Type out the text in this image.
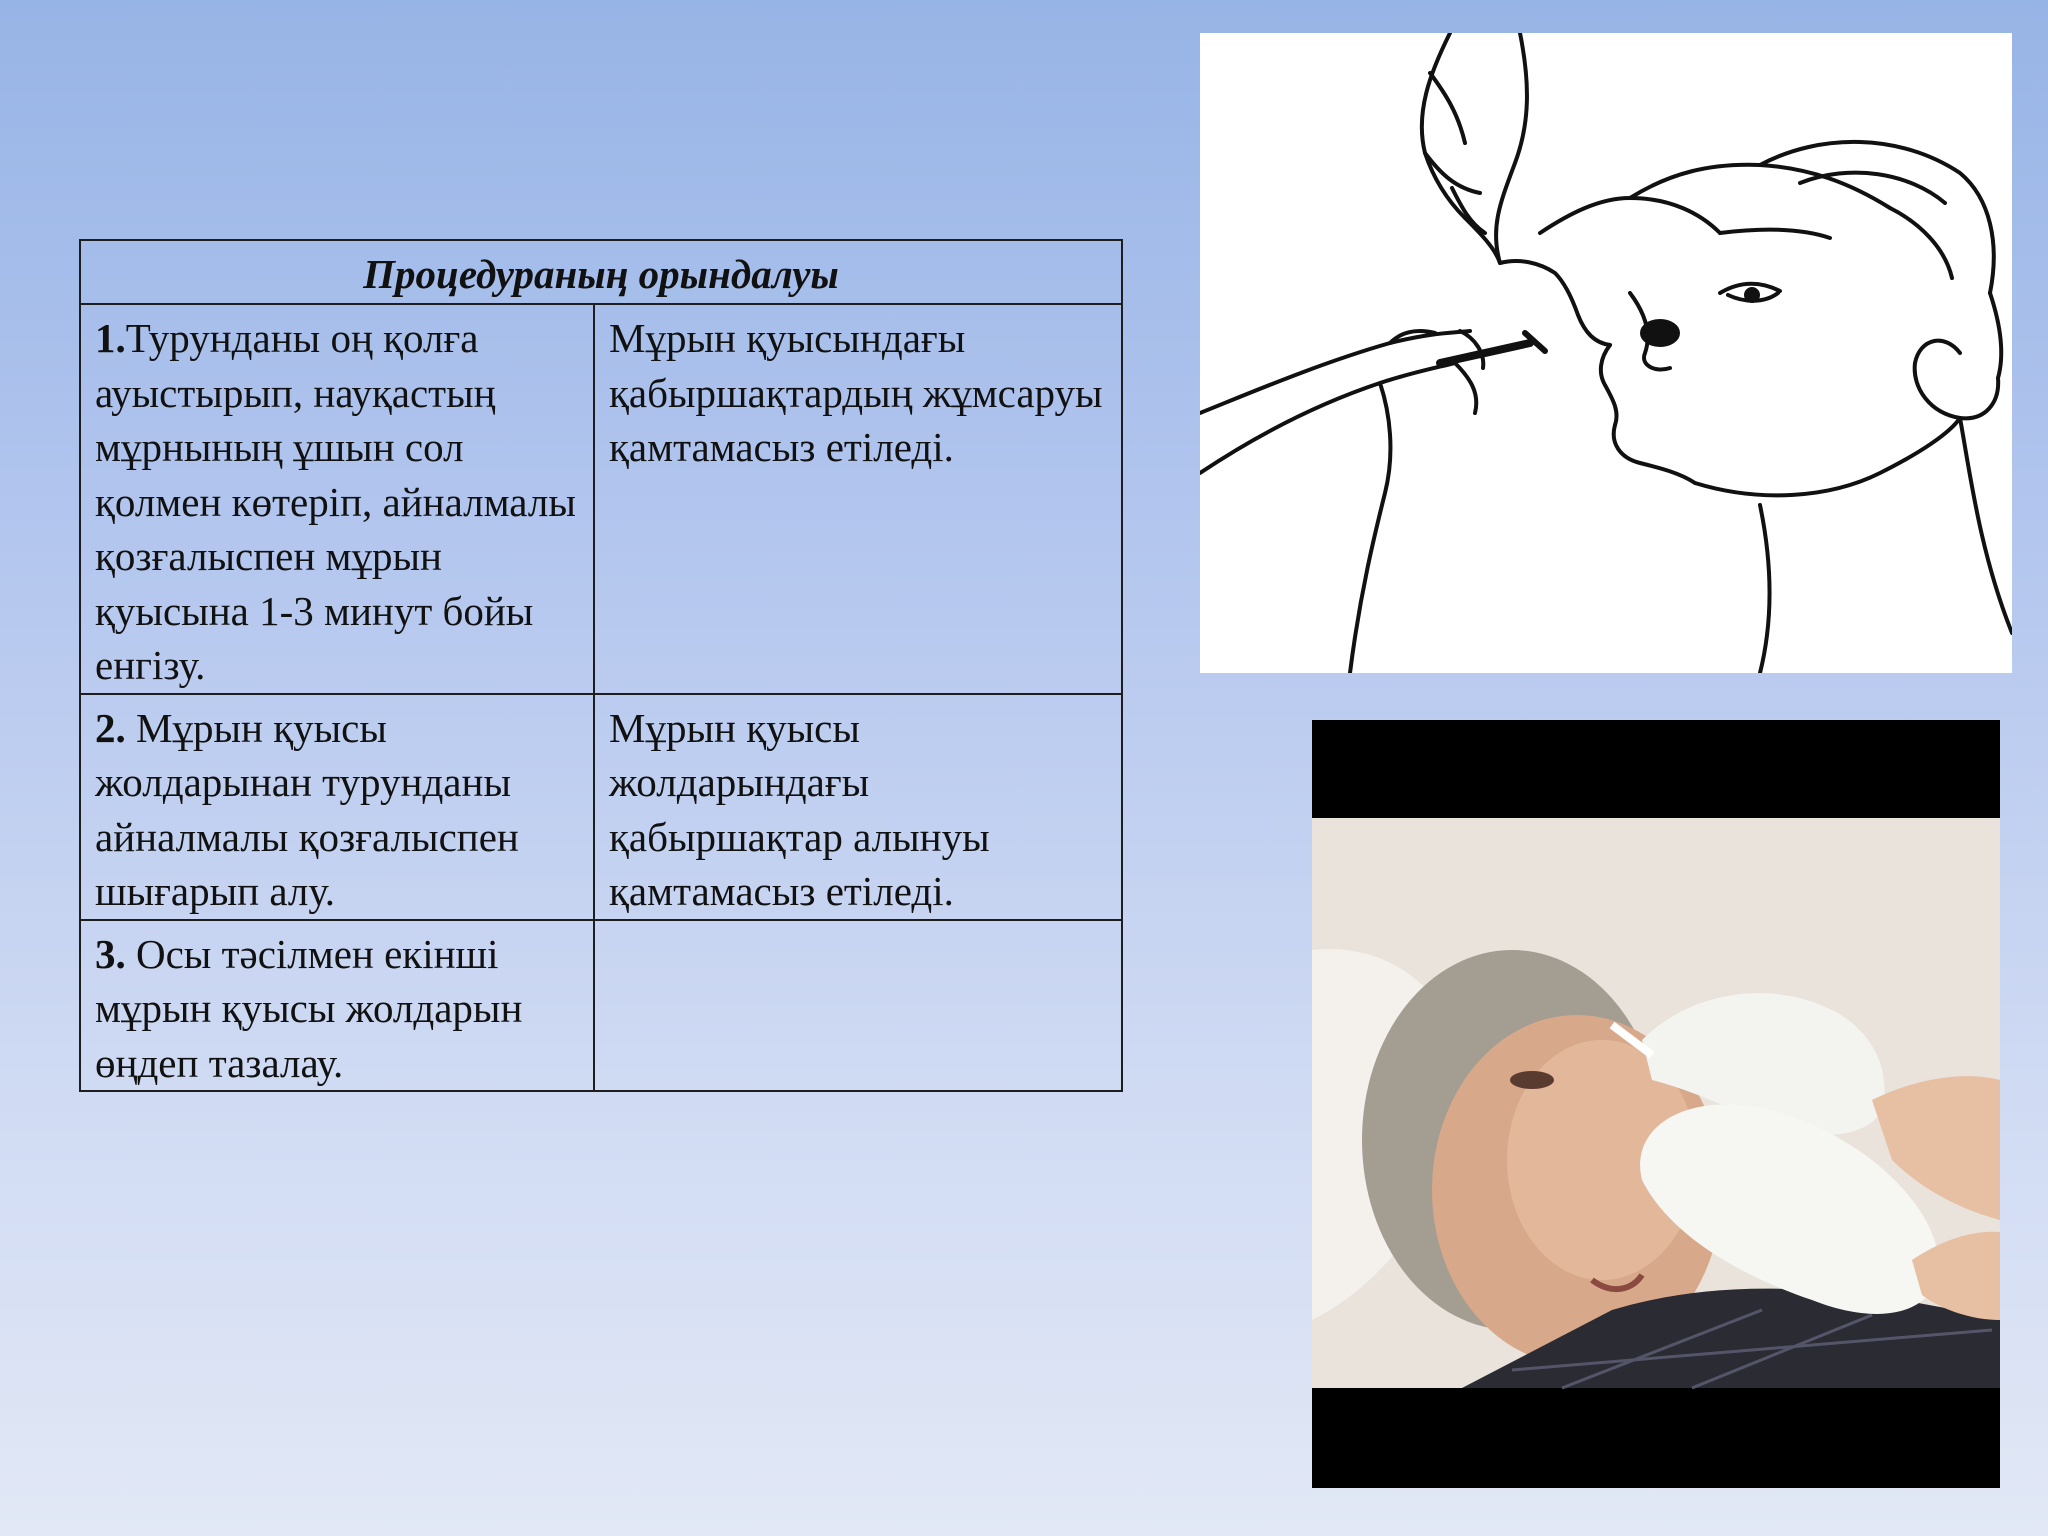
Процедураның орындалуы	
1.Турунданы оң қолға ауыстырып, науқастың мұрнының ұшын сол қолмен көтеріп, айналмалы қозғалыспен мұрын қуысына 1-3 минут бойы енгізу.	Мұрын қуысындағы қабыршақтардың жұмсаруы қамтамасыз етіледі.
2. Мұрын қуысы жолдарынан турунданы айналмалы қозғалыспен шығарып алу.	Мұрын қуысы жолдарындағы қабыршақтар алынуы қамтамасыз етіледі.
3. Осы тәсілмен екінші мұрын қуысы жолдарын өңдеп тазалау.	
